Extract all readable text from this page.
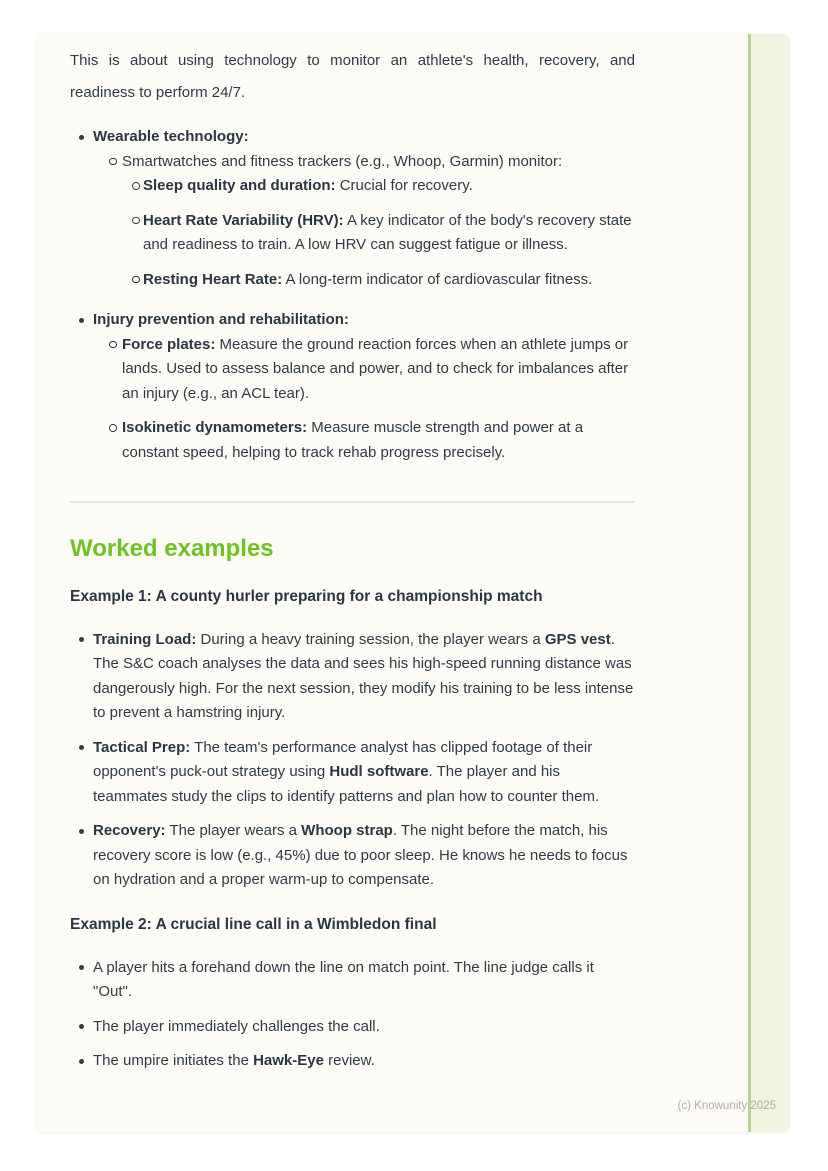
This is about using technology to monitor an athlete's health, recovery, and readiness to perform 24/7.

Wearable technology:
Smartwatches and fitness trackers (e.g., Whoop, Garmin) monitor:
Sleep quality and duration: Crucial for recovery.
Heart Rate Variability (HRV): A key indicator of the body's recovery state and readiness to train. A low HRV can suggest fatigue or illness.
Resting Heart Rate: A long-term indicator of cardiovascular fitness.
Injury prevention and rehabilitation:
Force plates: Measure the ground reaction forces when an athlete jumps or lands. Used to assess balance and power, and to check for imbalances after an injury (e.g., an ACL tear).
Isokinetic dynamometers: Measure muscle strength and power at a constant speed, helping to track rehab progress precisely.
Worked examples
Example 1: A county hurler preparing for a championship match
Training Load: During a heavy training session, the player wears a GPS vest. The S&C coach analyses the data and sees his high-speed running distance was dangerously high. For the next session, they modify his training to be less intense to prevent a hamstring injury.
Tactical Prep: The team's performance analyst has clipped footage of their opponent's puck-out strategy using Hudl software. The player and his teammates study the clips to identify patterns and plan how to counter them.
Recovery: The player wears a Whoop strap. The night before the match, his recovery score is low (e.g., 45%) due to poor sleep. He knows he needs to focus on hydration and a proper warm-up to compensate.
Example 2: A crucial line call in a Wimbledon final
A player hits a forehand down the line on match point. The line judge calls it "Out".
The player immediately challenges the call.
The umpire initiates the Hawk-Eye review.
(c) Knowunity 2025
